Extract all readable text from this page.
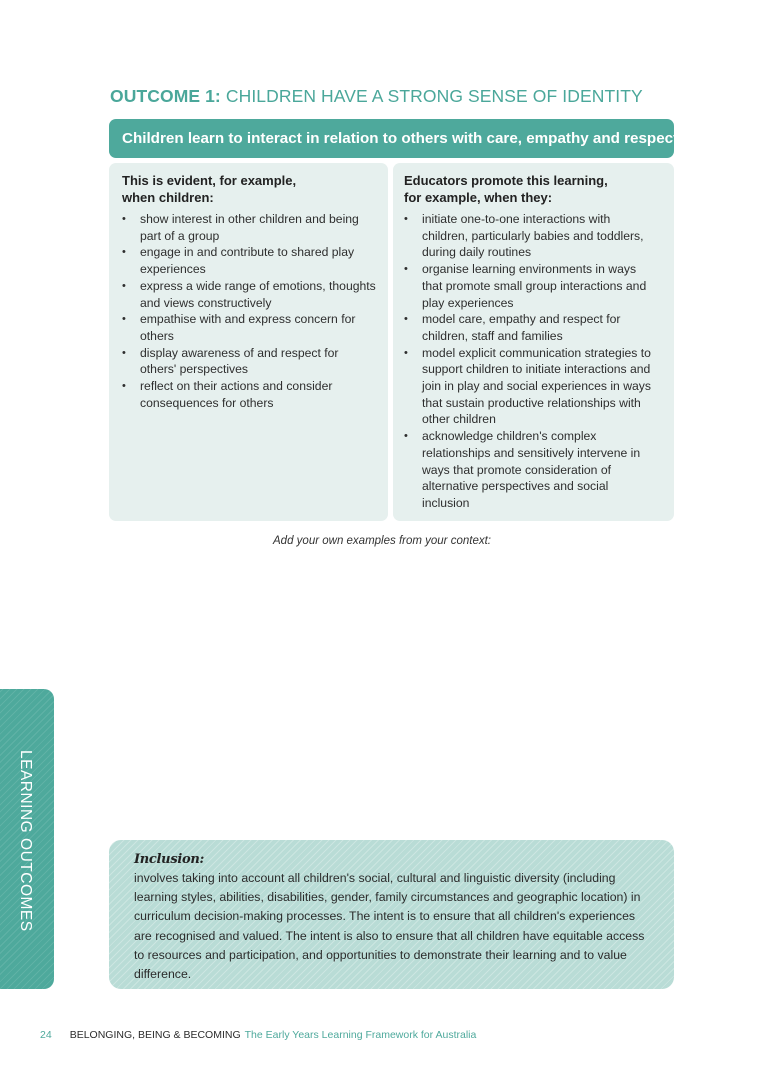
OUTCOME 1: CHILDREN HAVE A STRONG SENSE OF IDENTITY
Children learn to interact in relation to others with care, empathy and respect
This is evident, for example,
when children:
• show interest in other children and being part of a group
• engage in and contribute to shared play experiences
• express a wide range of emotions, thoughts and views constructively
• empathise with and express concern for others
• display awareness of and respect for others' perspectives
• reflect on their actions and consider consequences for others
Educators promote this learning,
for example, when they:
• initiate one-to-one interactions with children, particularly babies and toddlers, during daily routines
• organise learning environments in ways that promote small group interactions and play experiences
• model care, empathy and respect for children, staff and families
• model explicit communication strategies to support children to initiate interactions and join in play and social experiences in ways that sustain productive relationships with other children
• acknowledge children's complex relationships and sensitively intervene in ways that promote consideration of alternative perspectives and social inclusion
Add your own examples from your context:
LEARNING OUTCOMES	Inclusion:
involves taking into account all children's social, cultural and linguistic diversity (including learning styles, abilities, disabilities, gender, family circumstances and geographic location) in curriculum decision-making processes. The intent is to ensure that all children's experiences are recognised and valued. The intent is also to ensure that all children have equitable access to resources and participation, and opportunities to demonstrate their learning and to value difference.
24 BELONGING, BEING & BECOMING The Early Years Learning Framework for Australia
